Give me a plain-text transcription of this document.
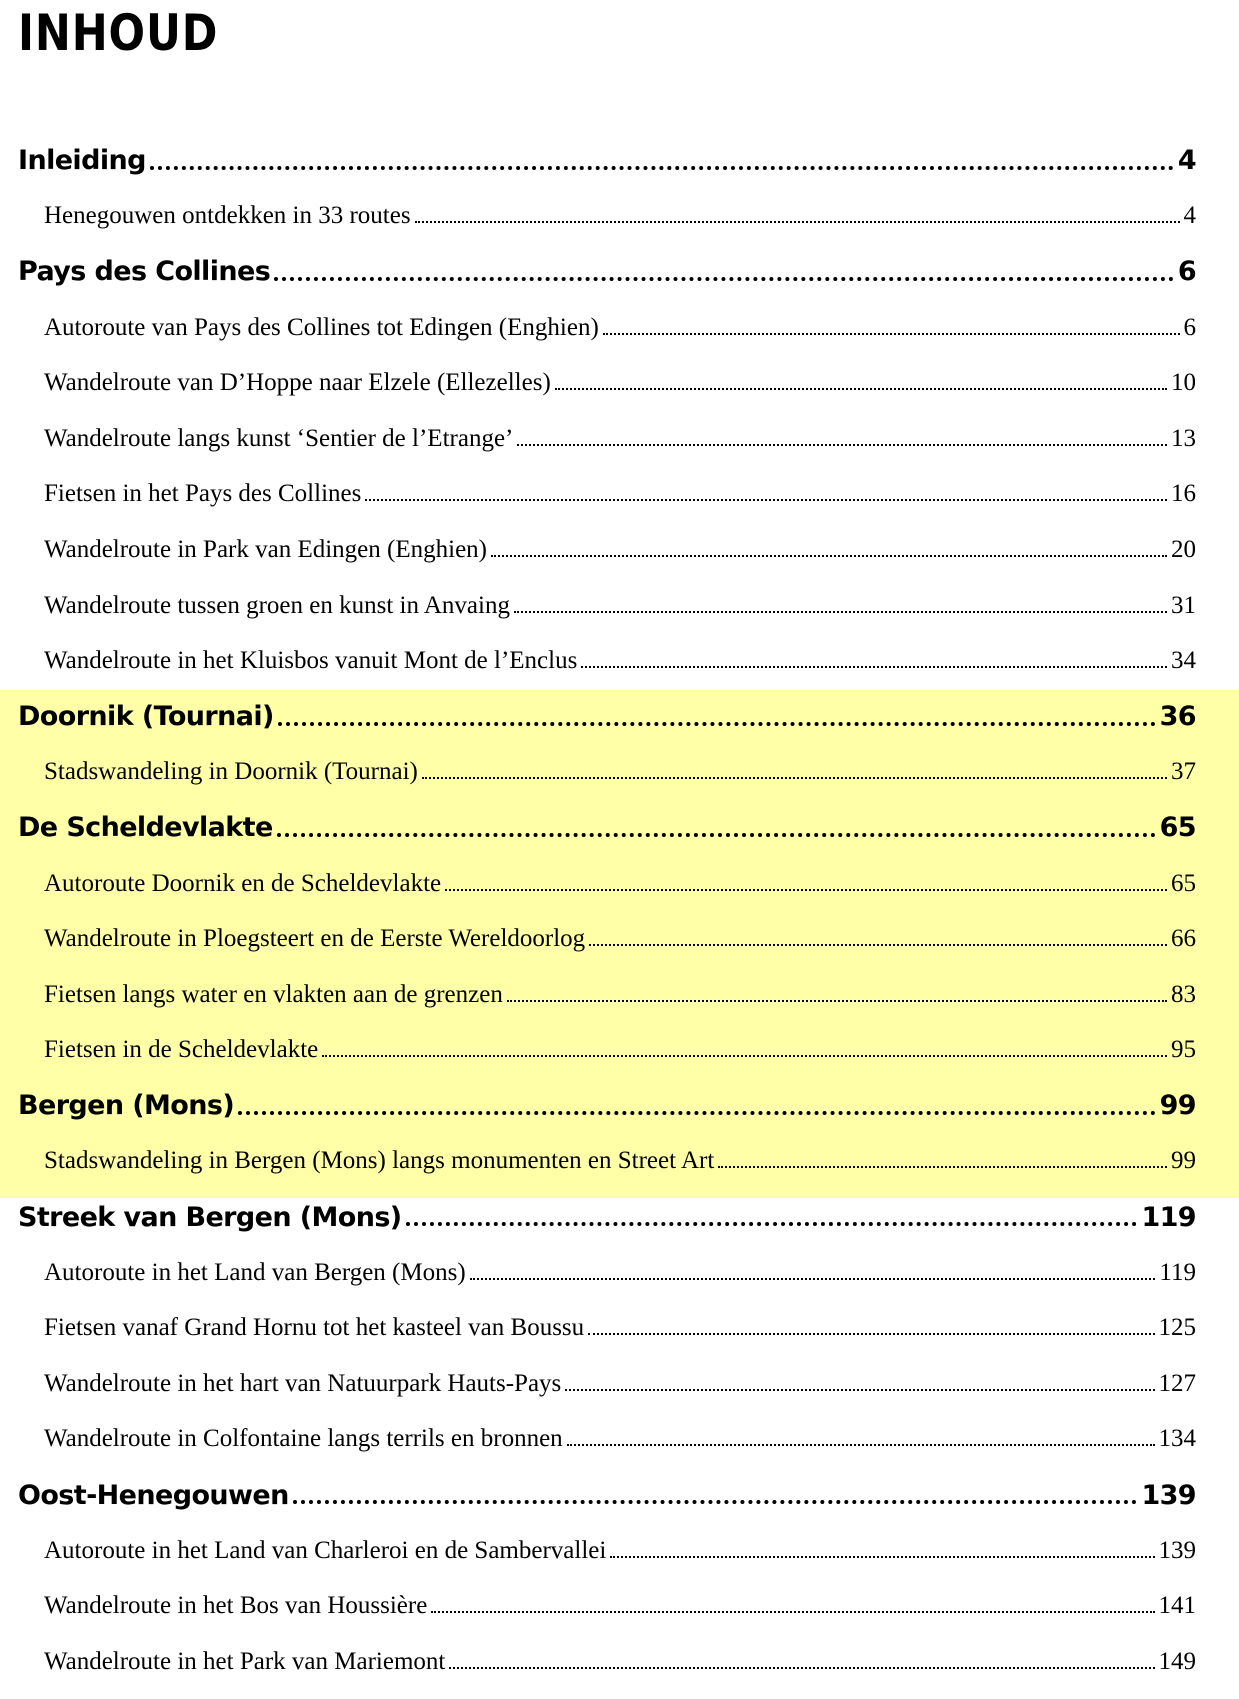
INHOUD
Inleiding	4
Henegouwen ontdekken in 33 routes	4
Pays des Collines	6
Autoroute van Pays des Collines tot Edingen (Enghien)	6
Wandelroute van D’Hoppe naar Elzele (Ellezelles)	10
Wandelroute langs kunst ‘Sentier de l’Etrange’	13
Fietsen in het Pays des Collines	16
Wandelroute in Park van Edingen (Enghien)	20
Wandelroute tussen groen en kunst in Anvaing	31
Wandelroute in het Kluisbos vanuit Mont de l’Enclus	34
Doornik (Tournai)	36
Stadswandeling in Doornik (Tournai)	37
De Scheldevlakte	65
Autoroute Doornik en de Scheldevlakte	65
Wandelroute in Ploegsteert en de Eerste Wereldoorlog	66
Fietsen langs water en vlakten aan de grenzen	83
Fietsen in de Scheldevlakte	95
Bergen (Mons)	99
Stadswandeling in Bergen (Mons) langs monumenten en Street Art	99
Streek van Bergen (Mons)	119
Autoroute in het Land van Bergen (Mons)	119
Fietsen vanaf Grand Hornu tot het kasteel van Boussu	125
Wandelroute in het hart van Natuurpark Hauts-Pays	127
Wandelroute in Colfontaine langs terrils en bronnen	134
Oost-Henegouwen	139
Autoroute in het Land van Charleroi en de Sambervallei	139
Wandelroute in het Bos van Houssière	141
Wandelroute in het Park van Mariemont	149
